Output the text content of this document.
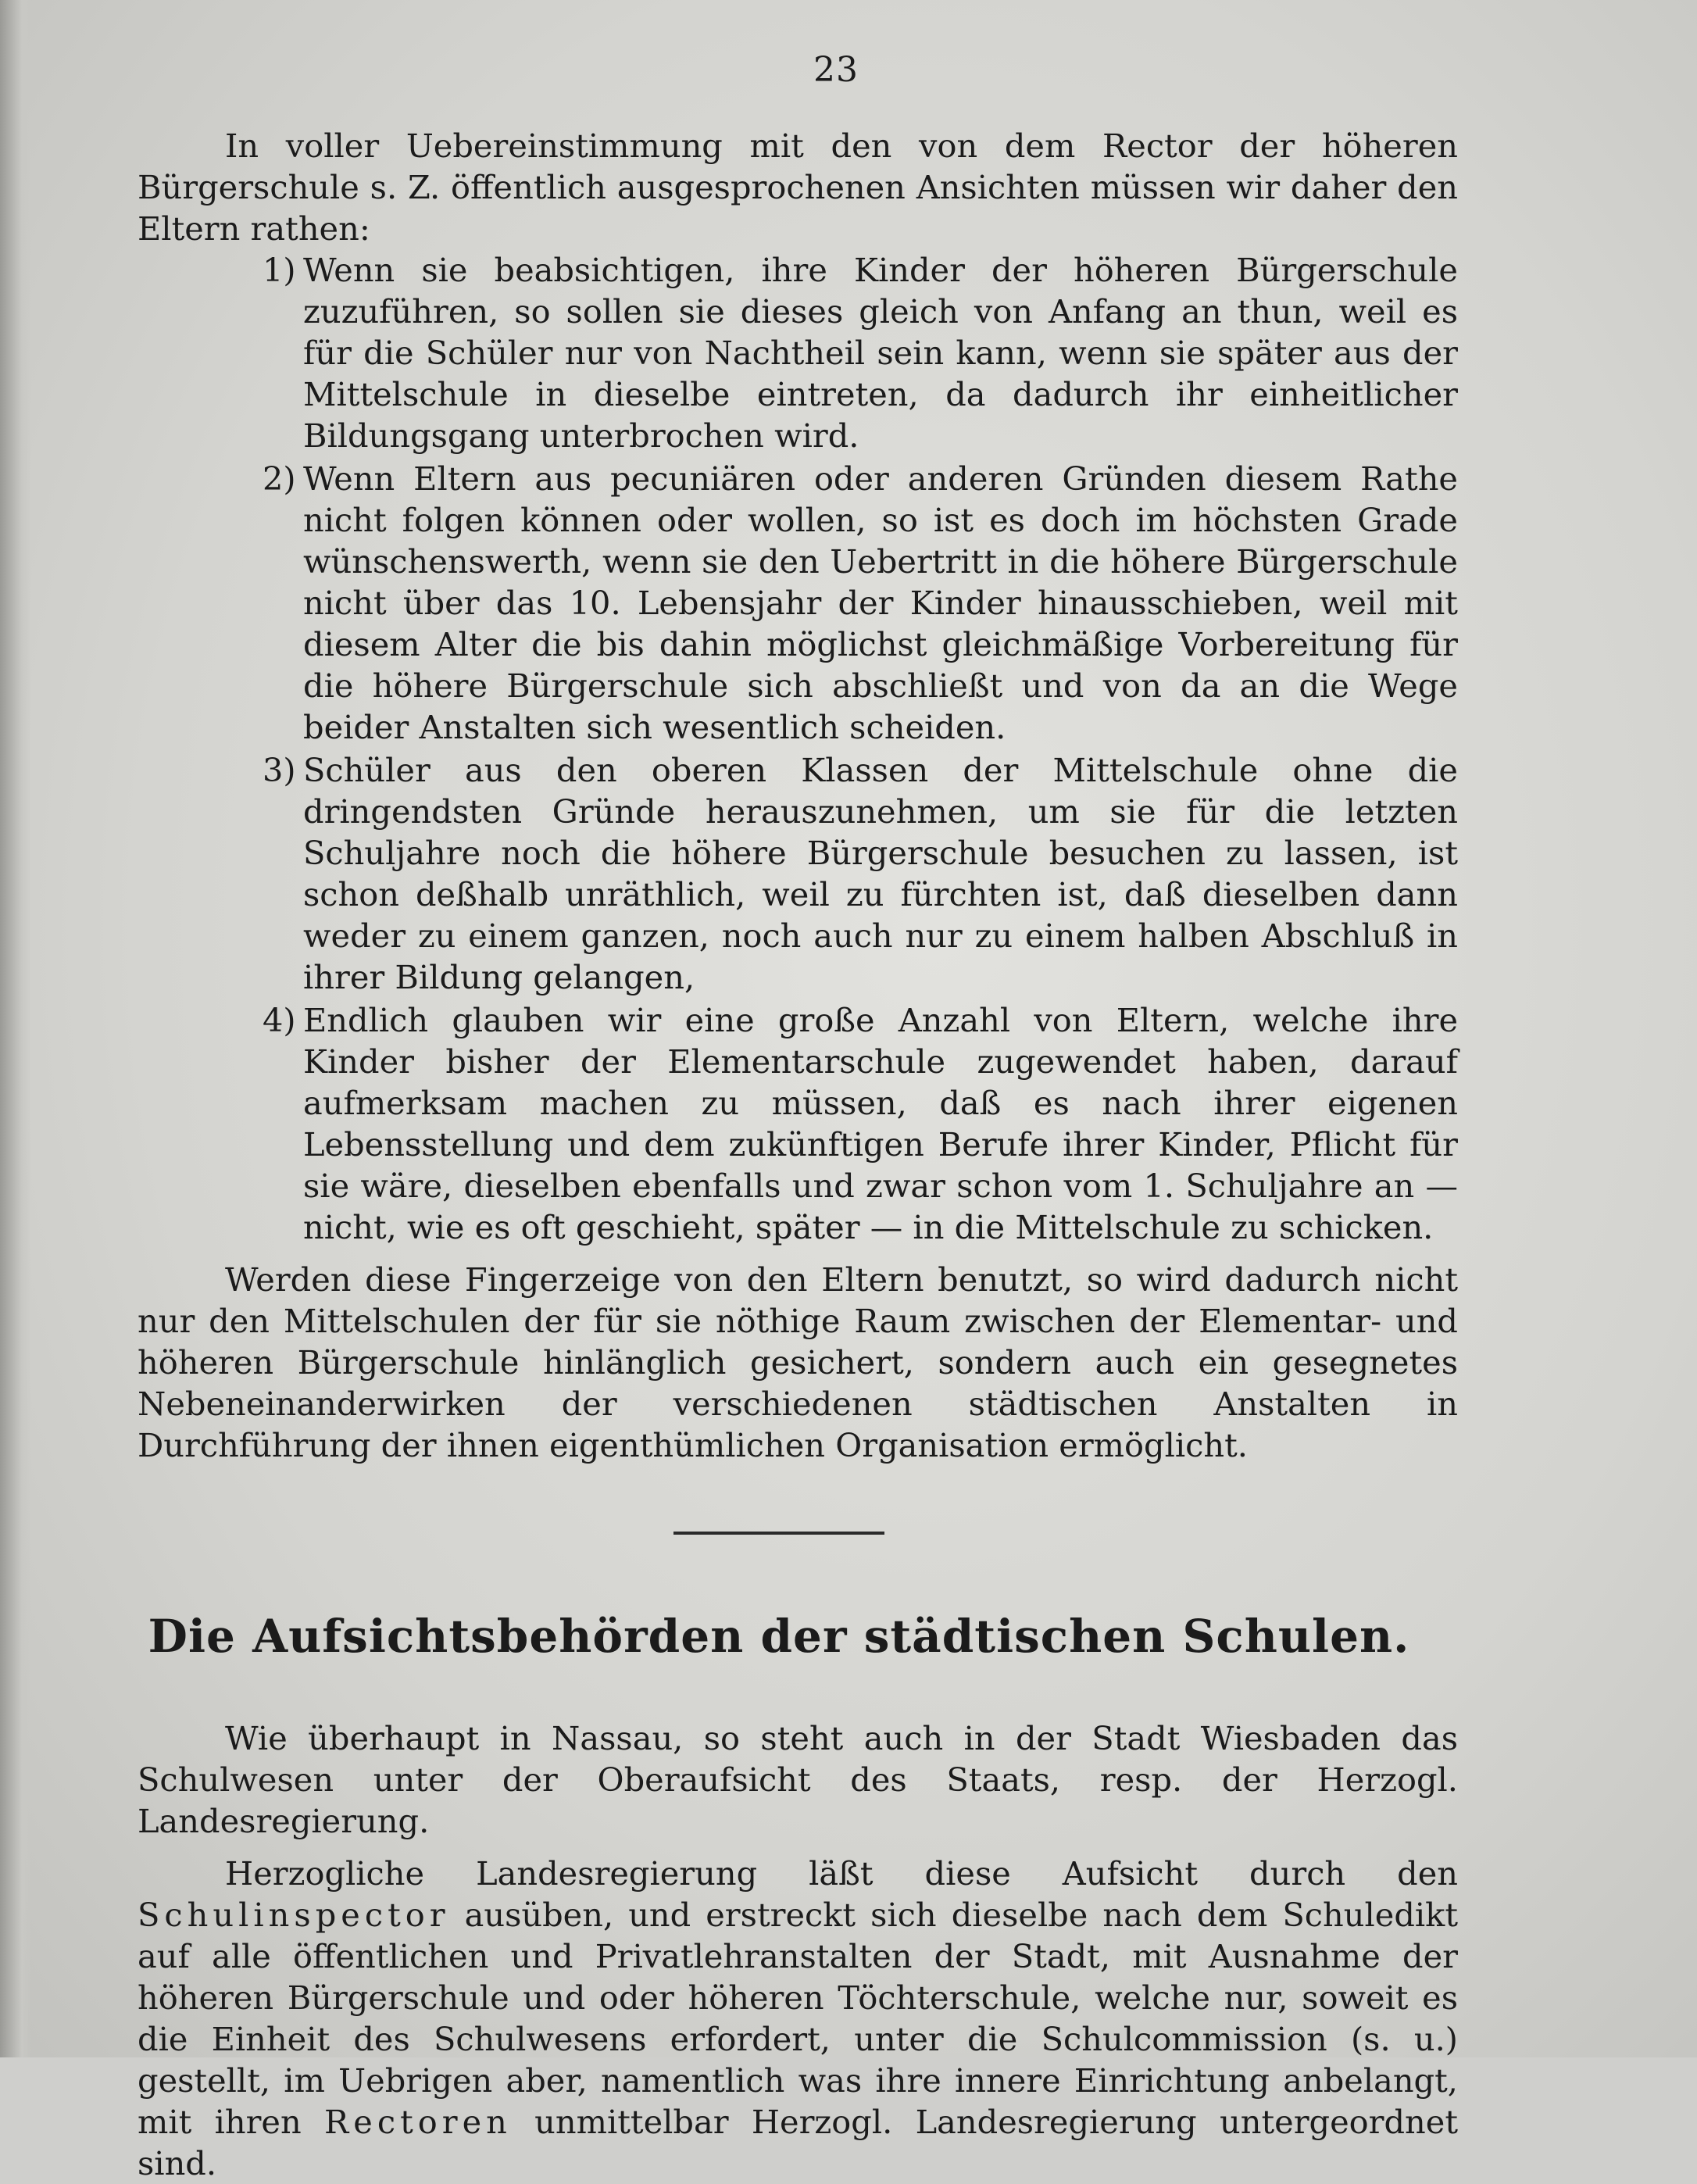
23

In voller Uebereinstimmung mit den von dem Rector der höheren Bürgerschule s. Z. öffentlich ausgesprochenen Ansichten müssen wir daher den Eltern rathen:

1) Wenn sie beabsichtigen, ihre Kinder der höheren Bürgerschule zuzuführen, so sollen sie dieses gleich von Anfang an thun, weil es für die Schüler nur von Nachtheil sein kann, wenn sie später aus der Mittelschule in dieselbe eintreten, da dadurch ihr einheitlicher Bildungsgang unterbrochen wird.
2) Wenn Eltern aus pecuniären oder anderen Gründen diesem Rathe nicht folgen können oder wollen, so ist es doch im höchsten Grade wünschenswerth, wenn sie den Uebertritt in die höhere Bürgerschule nicht über das 10. Lebensjahr der Kinder hinausschieben, weil mit diesem Alter die bis dahin möglichst gleichmäßige Vorbereitung für die höhere Bürgerschule sich abschließt und von da an die Wege beider Anstalten sich wesentlich scheiden.
3) Schüler aus den oberen Klassen der Mittelschule ohne die dringendsten Gründe herauszunehmen, um sie für die letzten Schuljahre noch die höhere Bürgerschule besuchen zu lassen, ist schon deßhalb unräthlich, weil zu fürchten ist, daß dieselben dann weder zu einem ganzen, noch auch nur zu einem halben Abschluß in ihrer Bildung gelangen,
4) Endlich glauben wir eine große Anzahl von Eltern, welche ihre Kinder bisher der Elementarschule zugewendet haben, darauf aufmerksam machen zu müssen, daß es nach ihrer eigenen Lebensstellung und dem zukünftigen Berufe ihrer Kinder, Pflicht für sie wäre, dieselben ebenfalls und zwar schon vom 1. Schuljahre an — nicht, wie es oft geschieht, später — in die Mittelschule zu schicken.

Werden diese Fingerzeige von den Eltern benutzt, so wird dadurch nicht nur den Mittelschulen der für sie nöthige Raum zwischen der Elementar- und höheren Bürgerschule hinlänglich gesichert, sondern auch ein gesegnetes Nebeneinanderwirken der verschiedenen städtischen Anstalten in Durchführung der ihnen eigenthümlichen Organisation ermöglicht.

Die Aufsichtsbehörden der städtischen Schulen.

Wie überhaupt in Nassau, so steht auch in der Stadt Wiesbaden das Schulwesen unter der Oberaufsicht des Staats, resp. der Herzogl. Landesregierung.

Herzogliche Landesregierung läßt diese Aufsicht durch den Schulinspector ausüben, und erstreckt sich dieselbe nach dem Schuledikt auf alle öffentlichen und Privatlehranstalten der Stadt, mit Ausnahme der höheren Bürgerschule und oder höheren Töchterschule, welche nur, soweit es die Einheit des Schulwesens erfordert, unter die Schulcommission (s. u.) gestellt, im Uebrigen aber, namentlich was ihre innere Einrichtung anbelangt, mit ihren Rectoren unmittelbar Herzogl. Landesregierung untergeordnet sind.
